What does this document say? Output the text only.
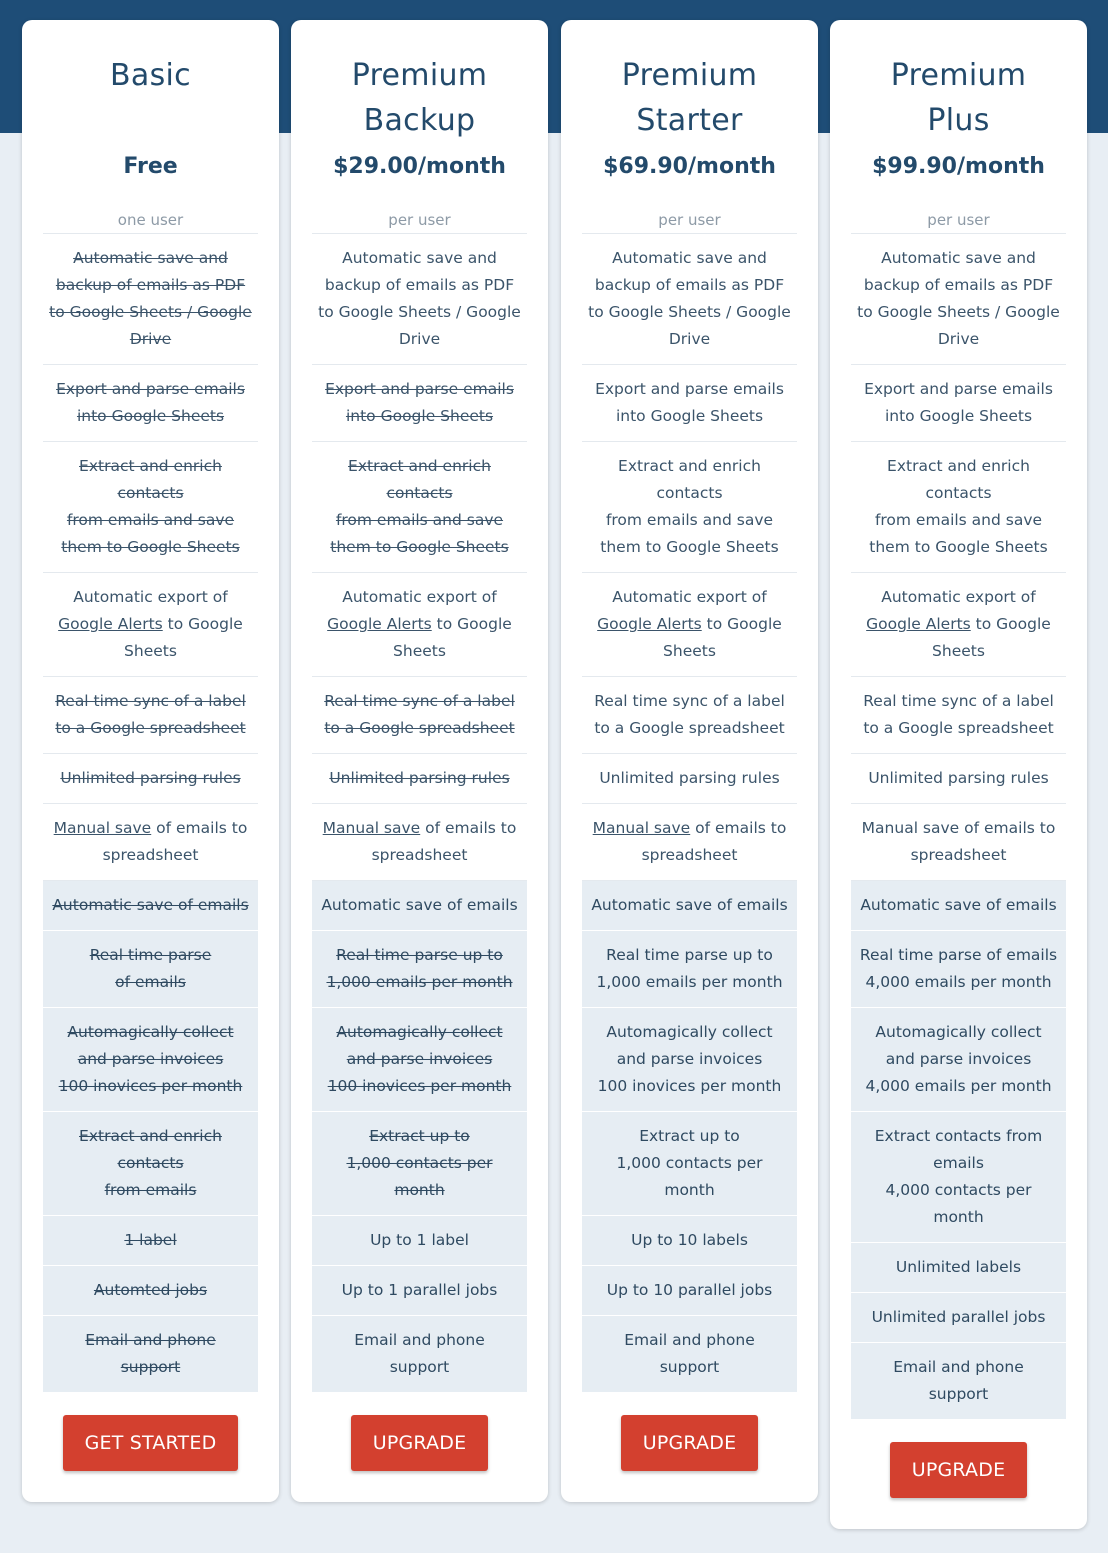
Basic
Free
one user
Automatic save and
backup of emails as PDF
to Google Sheets / Google
Drive
Export and parse emails
into Google Sheets
Extract and enrich
contacts
from emails and save
them to Google Sheets
Automatic export of
Google Alerts to Google
Sheets
Real time sync of a label
to a Google spreadsheet
Unlimited parsing rules
Manual save of emails to
spreadsheet
Automatic save of emails
Real time parse
of emails
Automagically collect
and parse invoices
100 inovices per month
Extract and enrich
contacts
from emails
1 label
Automted jobs
Email and phone
support
GET STARTED
Premium
Backup
$29.00/month
per user
Automatic save and
backup of emails as PDF
to Google Sheets / Google
Drive
Export and parse emails
into Google Sheets
Extract and enrich
contacts
from emails and save
them to Google Sheets
Automatic export of
Google Alerts to Google
Sheets
Real time sync of a label
to a Google spreadsheet
Unlimited parsing rules
Manual save of emails to
spreadsheet
Automatic save of emails
Real time parse up to
1,000 emails per month
Automagically collect
and parse invoices
100 inovices per month
Extract up to
1,000 contacts per
month
Up to 1 label
Up to 1 parallel jobs
Email and phone
support
UPGRADE
Premium
Starter
$69.90/month
per user
Automatic save and
backup of emails as PDF
to Google Sheets / Google
Drive
Export and parse emails
into Google Sheets
Extract and enrich
contacts
from emails and save
them to Google Sheets
Automatic export of
Google Alerts to Google
Sheets
Real time sync of a label
to a Google spreadsheet
Unlimited parsing rules
Manual save of emails to
spreadsheet
Automatic save of emails
Real time parse up to
1,000 emails per month
Automagically collect
and parse invoices
100 inovices per month
Extract up to
1,000 contacts per
month
Up to 10 labels
Up to 10 parallel jobs
Email and phone
support
UPGRADE
Premium
Plus
$99.90/month
per user
Automatic save and
backup of emails as PDF
to Google Sheets / Google
Drive
Export and parse emails
into Google Sheets
Extract and enrich
contacts
from emails and save
them to Google Sheets
Automatic export of
Google Alerts to Google
Sheets
Real time sync of a label
to a Google spreadsheet
Unlimited parsing rules
Manual save of emails to
spreadsheet
Automatic save of emails
Real time parse of emails
4,000 emails per month
Automagically collect
and parse invoices
4,000 emails per month
Extract contacts from
emails
4,000 contacts per
month
Unlimited labels
Unlimited parallel jobs
Email and phone
support
UPGRADE
